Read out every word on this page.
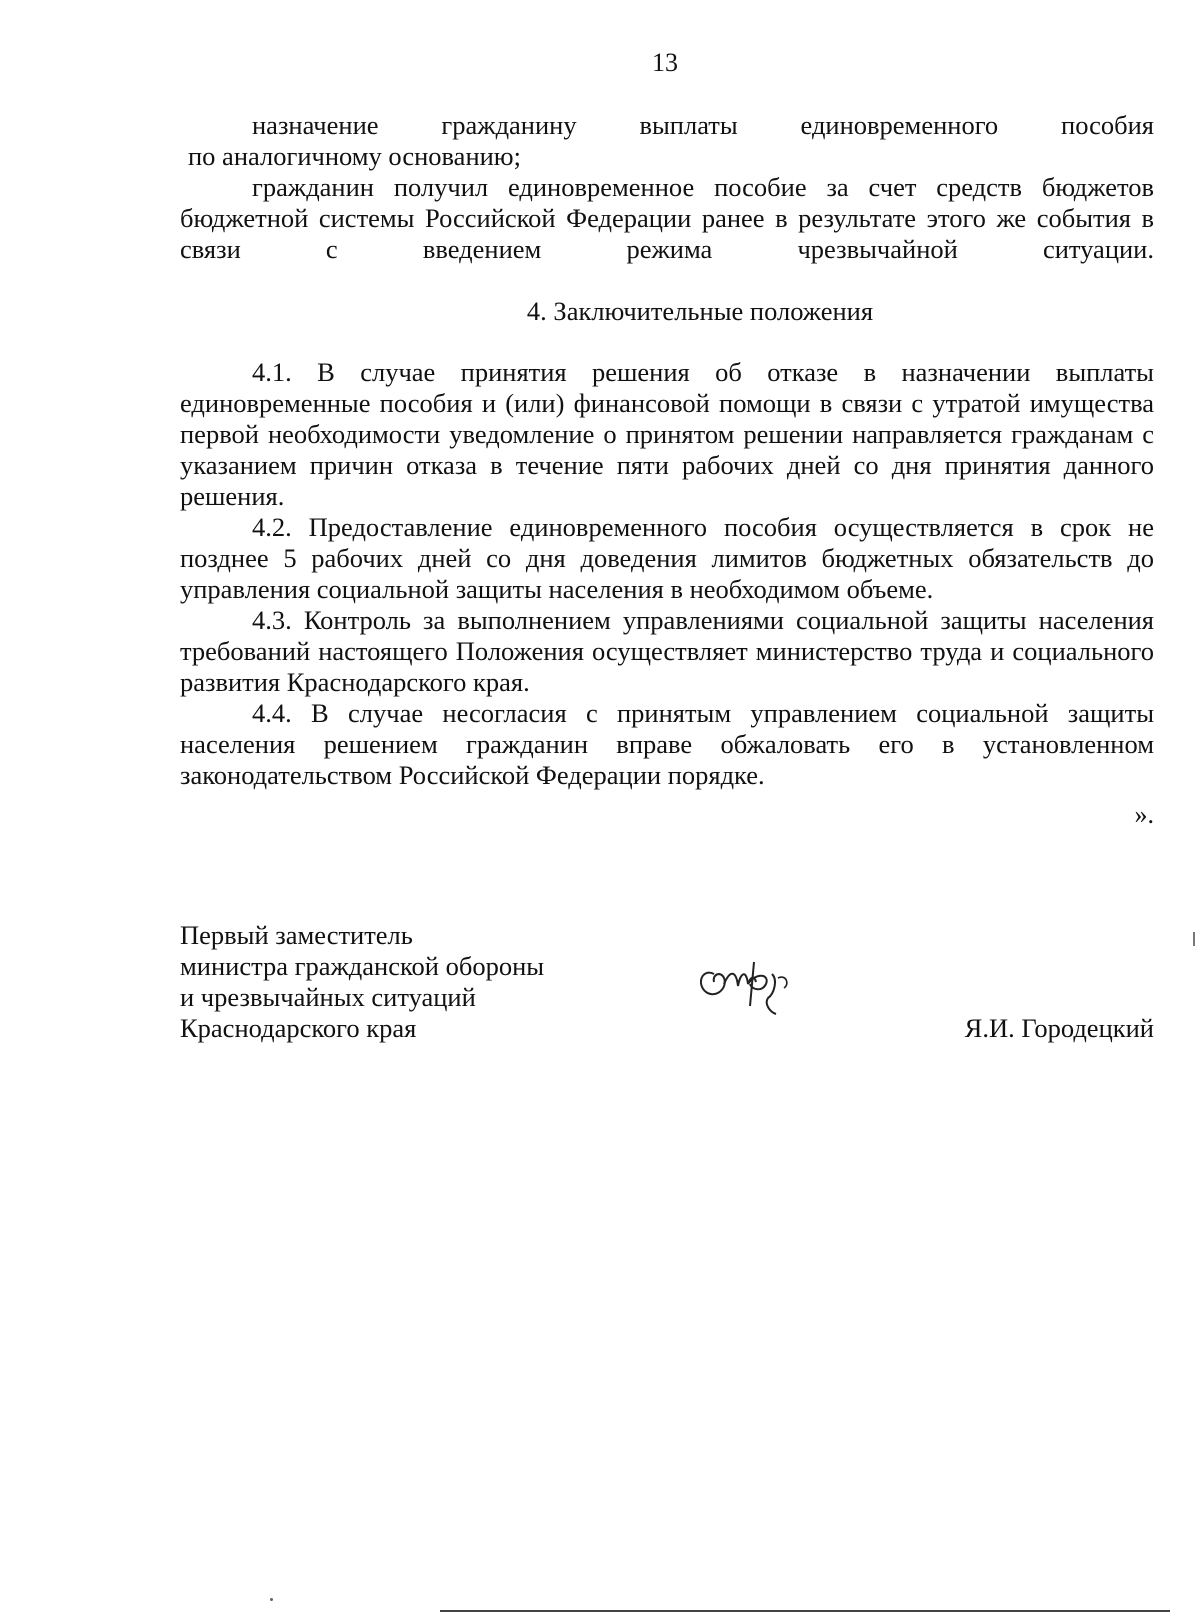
13

назначение гражданину выплаты единовременного пособия

по аналогичному основанию;

гражданин получил единовременное пособие за счет средств бюджетов бюджетной системы Российской Федерации ранее в результате этого же события в связи с введением режима чрезвычайной ситуации.

4. Заключительные положения

4.1. В случае принятия решения об отказе в назначении выплаты единовременные пособия и (или) финансовой помощи в связи с утратой имущества первой необходимости уведомление о принятом решении направляется гражданам с указанием причин отказа в течение пяти рабочих дней со дня принятия данного решения.

4.2. Предоставление единовременного пособия осуществляется в срок не позднее 5 рабочих дней со дня доведения лимитов бюджетных обязательств до управления социальной защиты населения в необходимом объеме.

4.3. Контроль за выполнением управлениями социальной защиты населения требований настоящего Положения осуществляет министерство труда и социального развития Краснодарского края.

4.4. В случае несогласия с принятым управлением социальной защиты населения решением гражданин вправе обжаловать его в установленном законодательством Российской Федерации порядке.

».
Первый заместитель
министра гражданской обороны
и чрезвычайных ситуаций
Краснодарского края	Я.И. Городецкий
